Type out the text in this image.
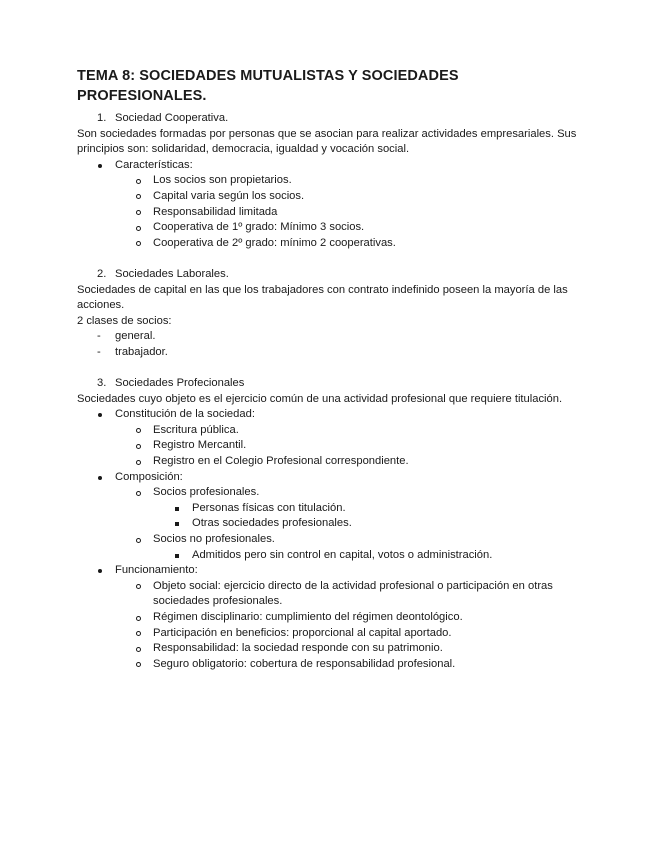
TEMA 8: SOCIEDADES MUTUALISTAS Y SOCIEDADES PROFESIONALES.
1. Sociedad Cooperativa.

Son sociedades formadas por personas que se asocian para realizar actividades empresariales. Sus principios son: solidaridad, democracia, igualdad y vocación social.

Características:
Los socios son propietarios.
Capital varia según los socios.
Responsabilidad limitada
Cooperativa de 1º grado: Mínimo 3 socios.
Cooperativa de 2º grado: mínimo 2 cooperativas.
2. Sociedades Laborales.

Sociedades de capital en las que los trabajadores con contrato indefinido poseen la mayoría de las acciones.

2 clases de socios:

- general.
- trabajador.
3. Sociedades Profecionales

Sociedades cuyo objeto es el ejercicio común de una actividad profesional que requiere titulación.

Constitución de la sociedad:
Escritura pública.
Registro Mercantil.
Registro en el Colegio Profesional correspondiente.
Composición:
Socios profesionales.
Personas físicas con titulación.
Otras sociedades profesionales.
Socios no profesionales.
Admitidos pero sin control en capital, votos o administración.
Funcionamiento:
Objeto social: ejercicio directo de la actividad profesional o participación en otras sociedades profesionales.
Régimen disciplinario: cumplimiento del régimen deontológico.
Participación en beneficios: proporcional al capital aportado.
Responsabilidad: la sociedad responde con su patrimonio.
Seguro obligatorio: cobertura de responsabilidad profesional.
